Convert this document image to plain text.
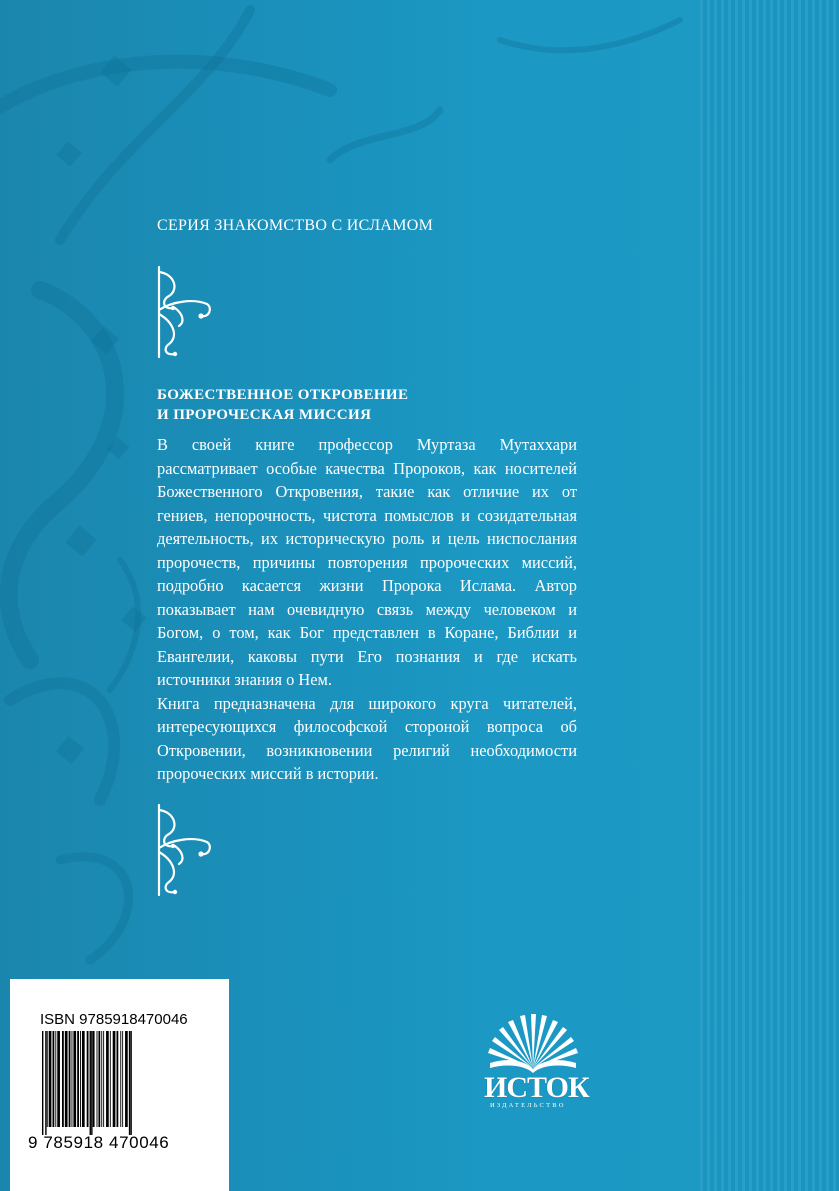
СЕРИЯ ЗНАКОМСТВО С ИСЛАМОМ
БОЖЕСТВЕННОЕ ОТКРОВЕНИЕ
И ПРОРОЧЕСКАЯ МИССИЯ

В своей книге профессор Муртаза Мутаххари рассматривает особые качества Пророков, как носителей Божественного Откровения, такие как отличие их от гениев, непорочность, чистота помыслов и созидательная деятельность, их историческую роль и цель ниспослания пророчеств, причины повторения пророческих миссий, подробно касается жизни Пророка Ислама. Автор показывает нам очевидную связь между человеком и Богом, о том, как Бог представлен в Коране, Библии и Евангелии, каковы пути Его познания и где искать источники знания о Нем.

Книга предназначена для широкого круга читателей, интересующихся философской стороной вопроса об Откровении, возникновении религий необходимости пророческих миссий в истории.

ISBN 9785918470046
9 785918 470046
ИСТОК
ИЗДАТЕЛЬСТВО
